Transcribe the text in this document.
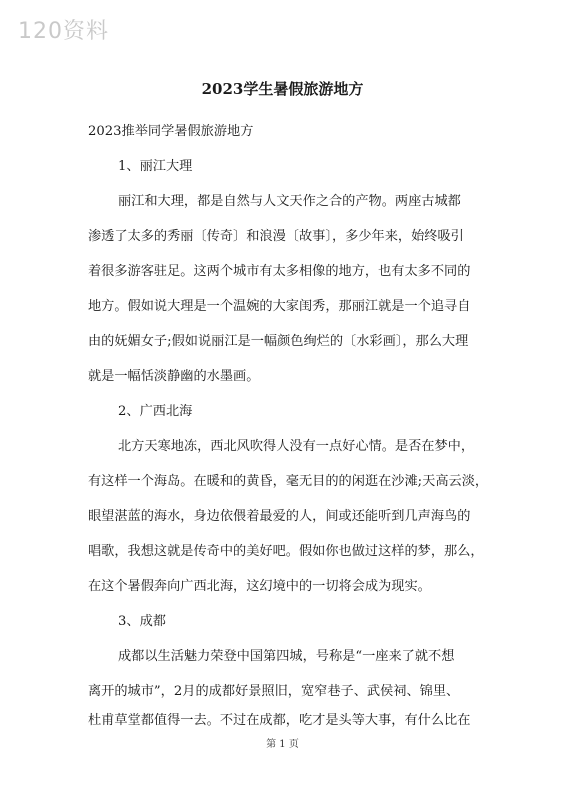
120资料
2023学生暑假旅游地方
2023推举同学暑假旅游地方
1、丽江大理
丽江和大理，都是自然与人文天作之合的产物。两座古城都
渗透了太多的秀丽〔传奇〕和浪漫〔故事〕，多少年来，始终吸引
着很多游客驻足。这两个城市有太多相像的地方，也有太多不同的
地方。假如说大理是一个温婉的大家闺秀，那丽江就是一个追寻自
由的妩媚女子;假如说丽江是一幅颜色绚烂的〔水彩画〕，那么大理
就是一幅恬淡静幽的水墨画。
2、广西北海
北方天寒地冻，西北风吹得人没有一点好心情。是否在梦中，
有这样一个海岛。在暖和的黄昏，毫无目的的闲逛在沙滩;天高云淡，
眼望湛蓝的海水，身边依偎着最爱的人，间或还能听到几声海鸟的
唱歌，我想这就是传奇中的美好吧。假如你也做过这样的梦，那么，
在这个暑假奔向广西北海，这幻境中的一切将会成为现实。
3、成都
成都以生活魅力荣登中国第四城，号称是“一座来了就不想
离开的城市”，2月的成都好景照旧，宽窄巷子、武侯祠、锦里、
杜甫草堂都值得一去。不过在成都，吃才是头等大事，有什么比在
第 1 页
